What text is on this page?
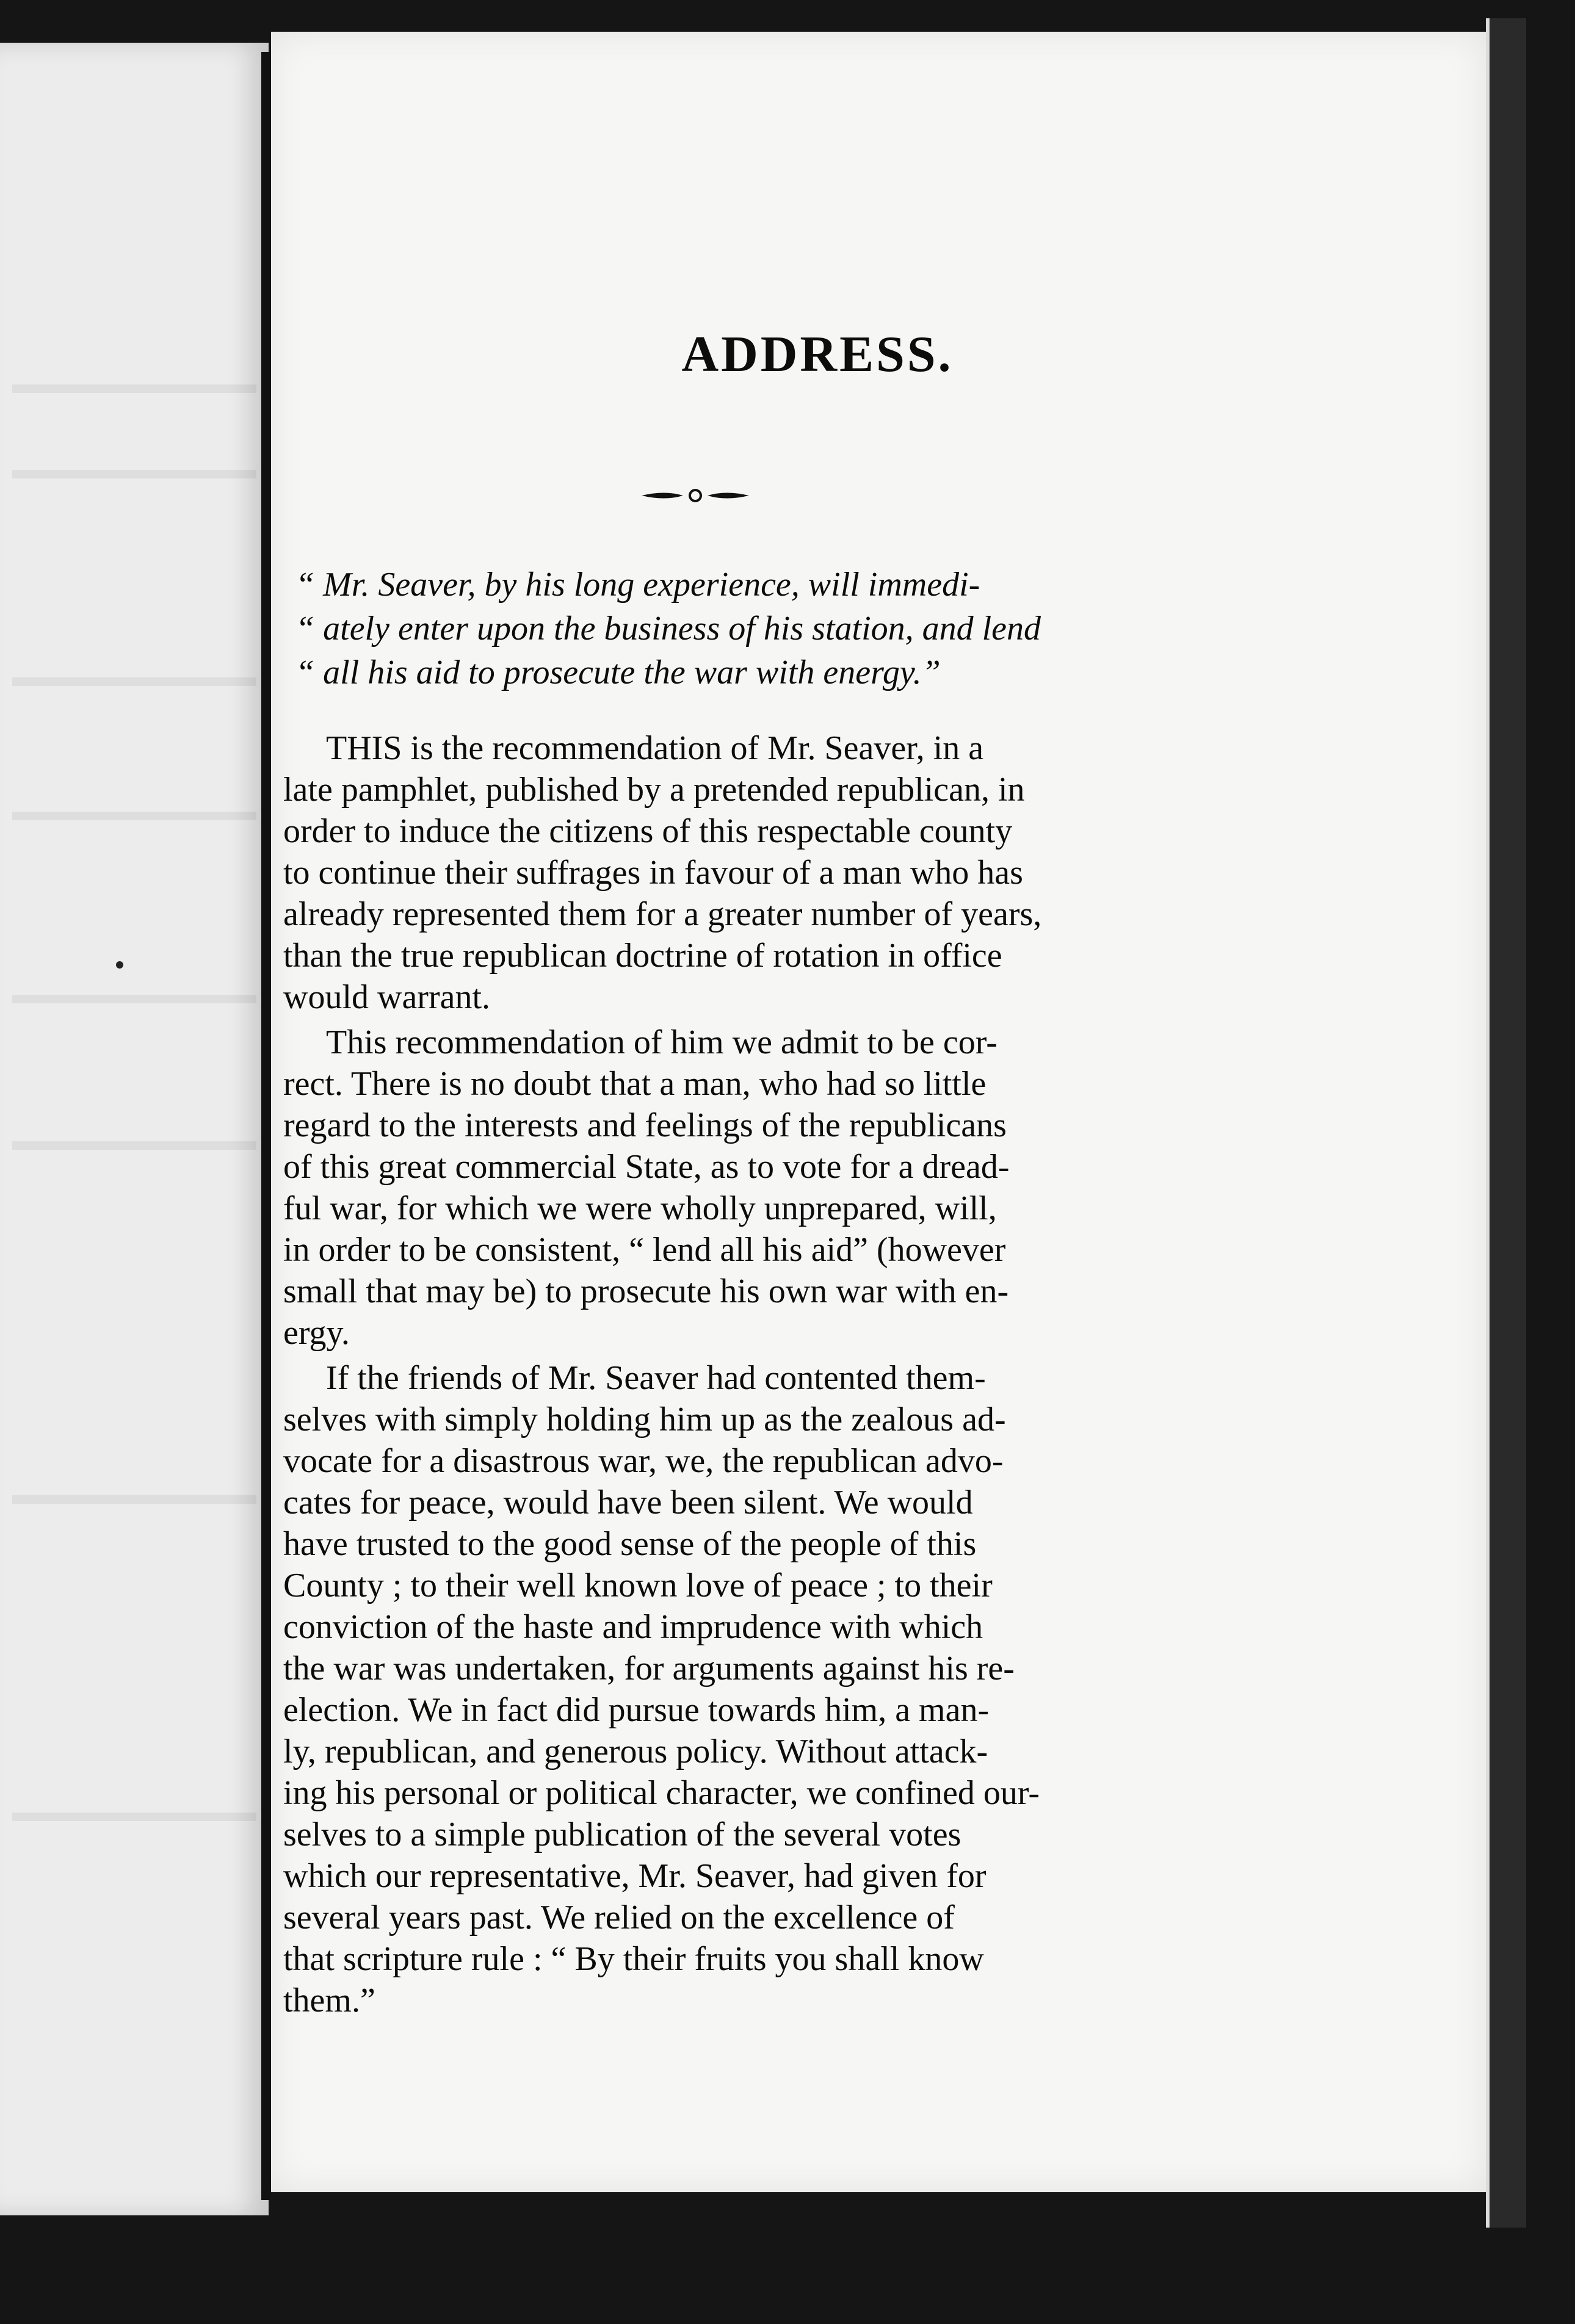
ADDRESS.
“ Mr. Seaver, by his long experience, will immedi-
“ ately enter upon the business of his station, and lend
“ all his aid to prosecute the war with energy.”
THIS is the recommendation of Mr. Seaver, in a
late pamphlet, published by a pretended republican, in
order to induce the citizens of this respectable county
to continue their suffrages in favour of a man who has
already represented them for a greater number of years,
than the true republican doctrine of rotation in office
would warrant.
This recommendation of him we admit to be cor-
rect. There is no doubt that a man, who had so little
regard to the interests and feelings of the republicans
of this great commercial State, as to vote for a dread-
ful war, for which we were wholly unprepared, will,
in order to be consistent, “ lend all his aid” (however
small that may be) to prosecute his own war with en-
ergy.
If the friends of Mr. Seaver had contented them-
selves with simply holding him up as the zealous ad-
vocate for a disastrous war, we, the republican advo-
cates for peace, would have been silent. We would
have trusted to the good sense of the people of this
County ; to their well known love of peace ; to their
conviction of the haste and imprudence with which
the war was undertaken, for arguments against his re-
election. We in fact did pursue towards him, a man-
ly, republican, and generous policy. Without attack-
ing his personal or political character, we confined our-
selves to a simple publication of the several votes
which our representative, Mr. Seaver, had given for
several years past. We relied on the excellence of
that scripture rule : “ By their fruits you shall know
them.”
